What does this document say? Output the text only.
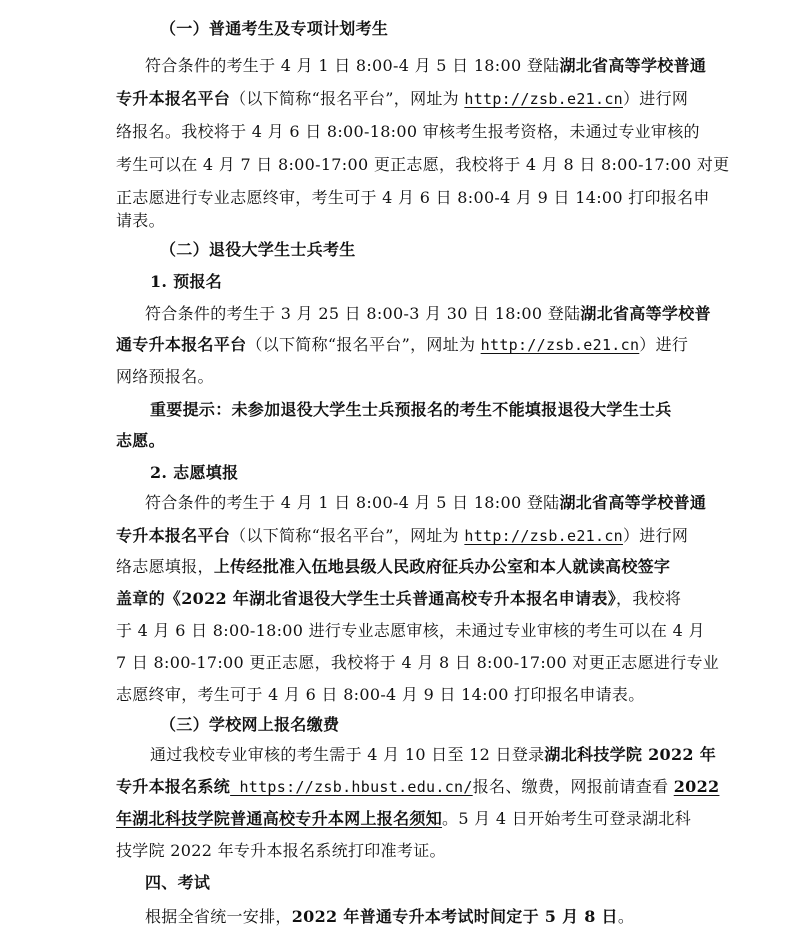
（一）普通考生及专项计划考生
符合条件的考生于 4 月 1 日 8:00-4 月 5 日 18:00 登陆湖北省高等学校普通
专升本报名平台（以下简称“报名平台”，网址为 http://zsb.e21.cn）进行网
络报名。我校将于 4 月 6 日 8:00-18:00 审核考生报考资格，未通过专业审核的
考生可以在 4 月 7 日 8:00-17:00 更正志愿，我校将于 4 月 8 日 8:00-17:00 对更
正志愿进行专业志愿终审，考生可于 4 月 6 日 8:00-4 月 9 日 14:00 打印报名申
请表。
（二）退役大学生士兵考生
1. 预报名
符合条件的考生于 3 月 25 日 8:00-3 月 30 日 18:00 登陆湖北省高等学校普
通专升本报名平台（以下简称“报名平台”，网址为 http://zsb.e21.cn）进行
网络预报名。
重要提示：未参加退役大学生士兵预报名的考生不能填报退役大学生士兵
志愿。
2. 志愿填报
符合条件的考生于 4 月 1 日 8:00-4 月 5 日 18:00 登陆湖北省高等学校普通
专升本报名平台（以下简称“报名平台”，网址为 http://zsb.e21.cn）进行网
络志愿填报，上传经批准入伍地县级人民政府征兵办公室和本人就读高校签字
盖章的《2022 年湖北省退役大学生士兵普通高校专升本报名申请表》，我校将
于 4 月 6 日 8:00-18:00 进行专业志愿审核，未通过专业审核的考生可以在 4 月
7 日 8:00-17:00 更正志愿，我校将于 4 月 8 日 8:00-17:00 对更正志愿进行专业
志愿终审，考生可于 4 月 6 日 8:00-4 月 9 日 14:00 打印报名申请表。
（三）学校网上报名缴费
通过我校专业审核的考生需于 4 月 10 日至 12 日登录湖北科技学院 2022 年
专升本报名系统 https://zsb.hbust.edu.cn/报名、缴费，网报前请查看 2022
年湖北科技学院普通高校专升本网上报名须知。5 月 4 日开始考生可登录湖北科
技学院 2022 年专升本报名系统打印准考证。
四、考试
根据全省统一安排，2022 年普通专升本考试时间定于 5 月 8 日。
